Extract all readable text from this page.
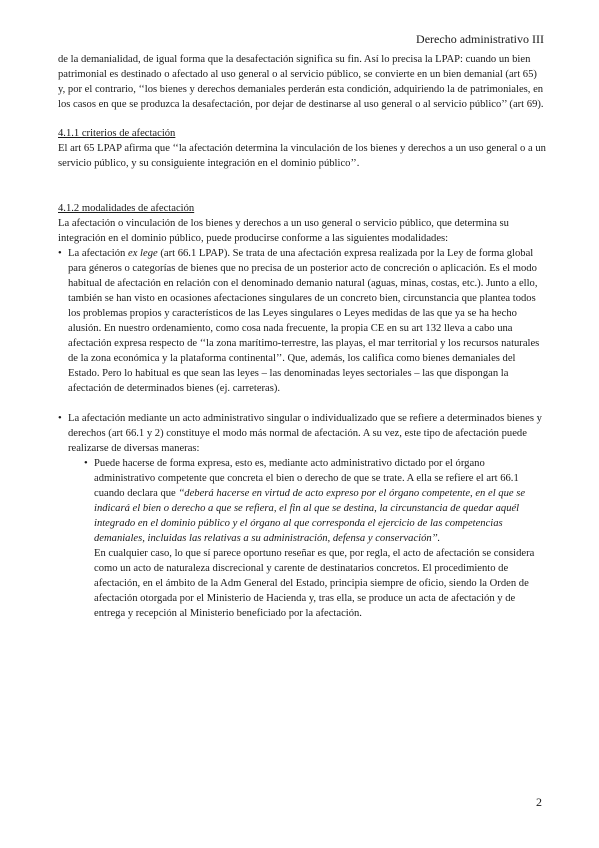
Derecho administrativo III

de la demanialidad, de igual forma que la desafectación significa su fin. Así lo precisa la LPAP: cuando un bien patrimonial es destinado o afectado al uso general o al servicio público, se convierte en un bien demanial (art 65) y, por el contrario, ‘‘los bienes y derechos demaniales perderán esta condición, adquiriendo la de patrimoniales, en los casos en que se produzca la desafectación, por dejar de destinarse al uso general o al servicio público’’ (art 69).

4.1.1 criterios de afectación

El art 65 LPAP afirma que ‘‘la afectación determina la vinculación de los bienes y derechos a un uso general o a un servicio público, y su consiguiente integración en el dominio público’’.

4.1.2 modalidades de afectación

La afectación o vinculación de los bienes y derechos a un uso general o servicio público, que determina su integración en el dominio público, puede producirse conforme a las siguientes modalidades:

• La afectación ex lege (art 66.1 LPAP). Se trata de una afectación expresa realizada por la Ley de forma global para géneros o categorías de bienes que no precisa de un posterior acto de concreción o aplicación. Es el modo habitual de afectación en relación con el denominado demanio natural (aguas, minas, costas, etc.). Junto a ello, también se han visto en ocasiones afectaciones singulares de un concreto bien, circunstancia que plantea todos los problemas propios y característicos de las Leyes singulares o Leyes medidas de las que ya se ha hecho alusión. En nuestro ordenamiento, como cosa nada frecuente, la propia CE en su art 132 lleva a cabo una afectación expresa respecto de ‘‘la zona marítimo-terrestre, las playas, el mar territorial y los recursos naturales de la zona económica y la plataforma continental’’. Que, además, los califica como bienes demaniales del Estado. Pero lo habitual es que sean las leyes – las denominadas leyes sectoriales – las que dispongan la afectación de determinados bienes (ej. carreteras).
• La afectación mediante un acto administrativo singular o individualizado que se refiere a determinados bienes y derechos (art 66.1 y 2) constituye el modo más normal de afectación. A su vez, este tipo de afectación puede realizarse de diversas maneras:
• Puede hacerse de forma expresa, esto es, mediante acto administrativo dictado por el órgano administrativo competente que concreta el bien o derecho de que se trate. A ella se refiere el art 66.1 cuando declara que ‘‘deberá hacerse en virtud de acto expreso por el órgano competente, en el que se indicará el bien o derecho a que se refiera, el fin al que se destina, la circunstancia de quedar aquél integrado en el dominio público y el órgano al que corresponda el ejercicio de las competencias demaniales, incluidas las relativas a su administración, defensa y conservación’’.

En cualquier caso, lo que sí parece oportuno reseñar es que, por regla, el acto de afectación se considera como un acto de naturaleza discrecional y carente de destinatarios concretos. El procedimiento de afectación, en el ámbito de la Adm General del Estado, principia siempre de oficio, siendo la Orden de afectación otorgada por el Ministerio de Hacienda y, tras ella, se produce un acta de afectación y de entrega y recepción al Ministerio beneficiado por la afectación.

2
